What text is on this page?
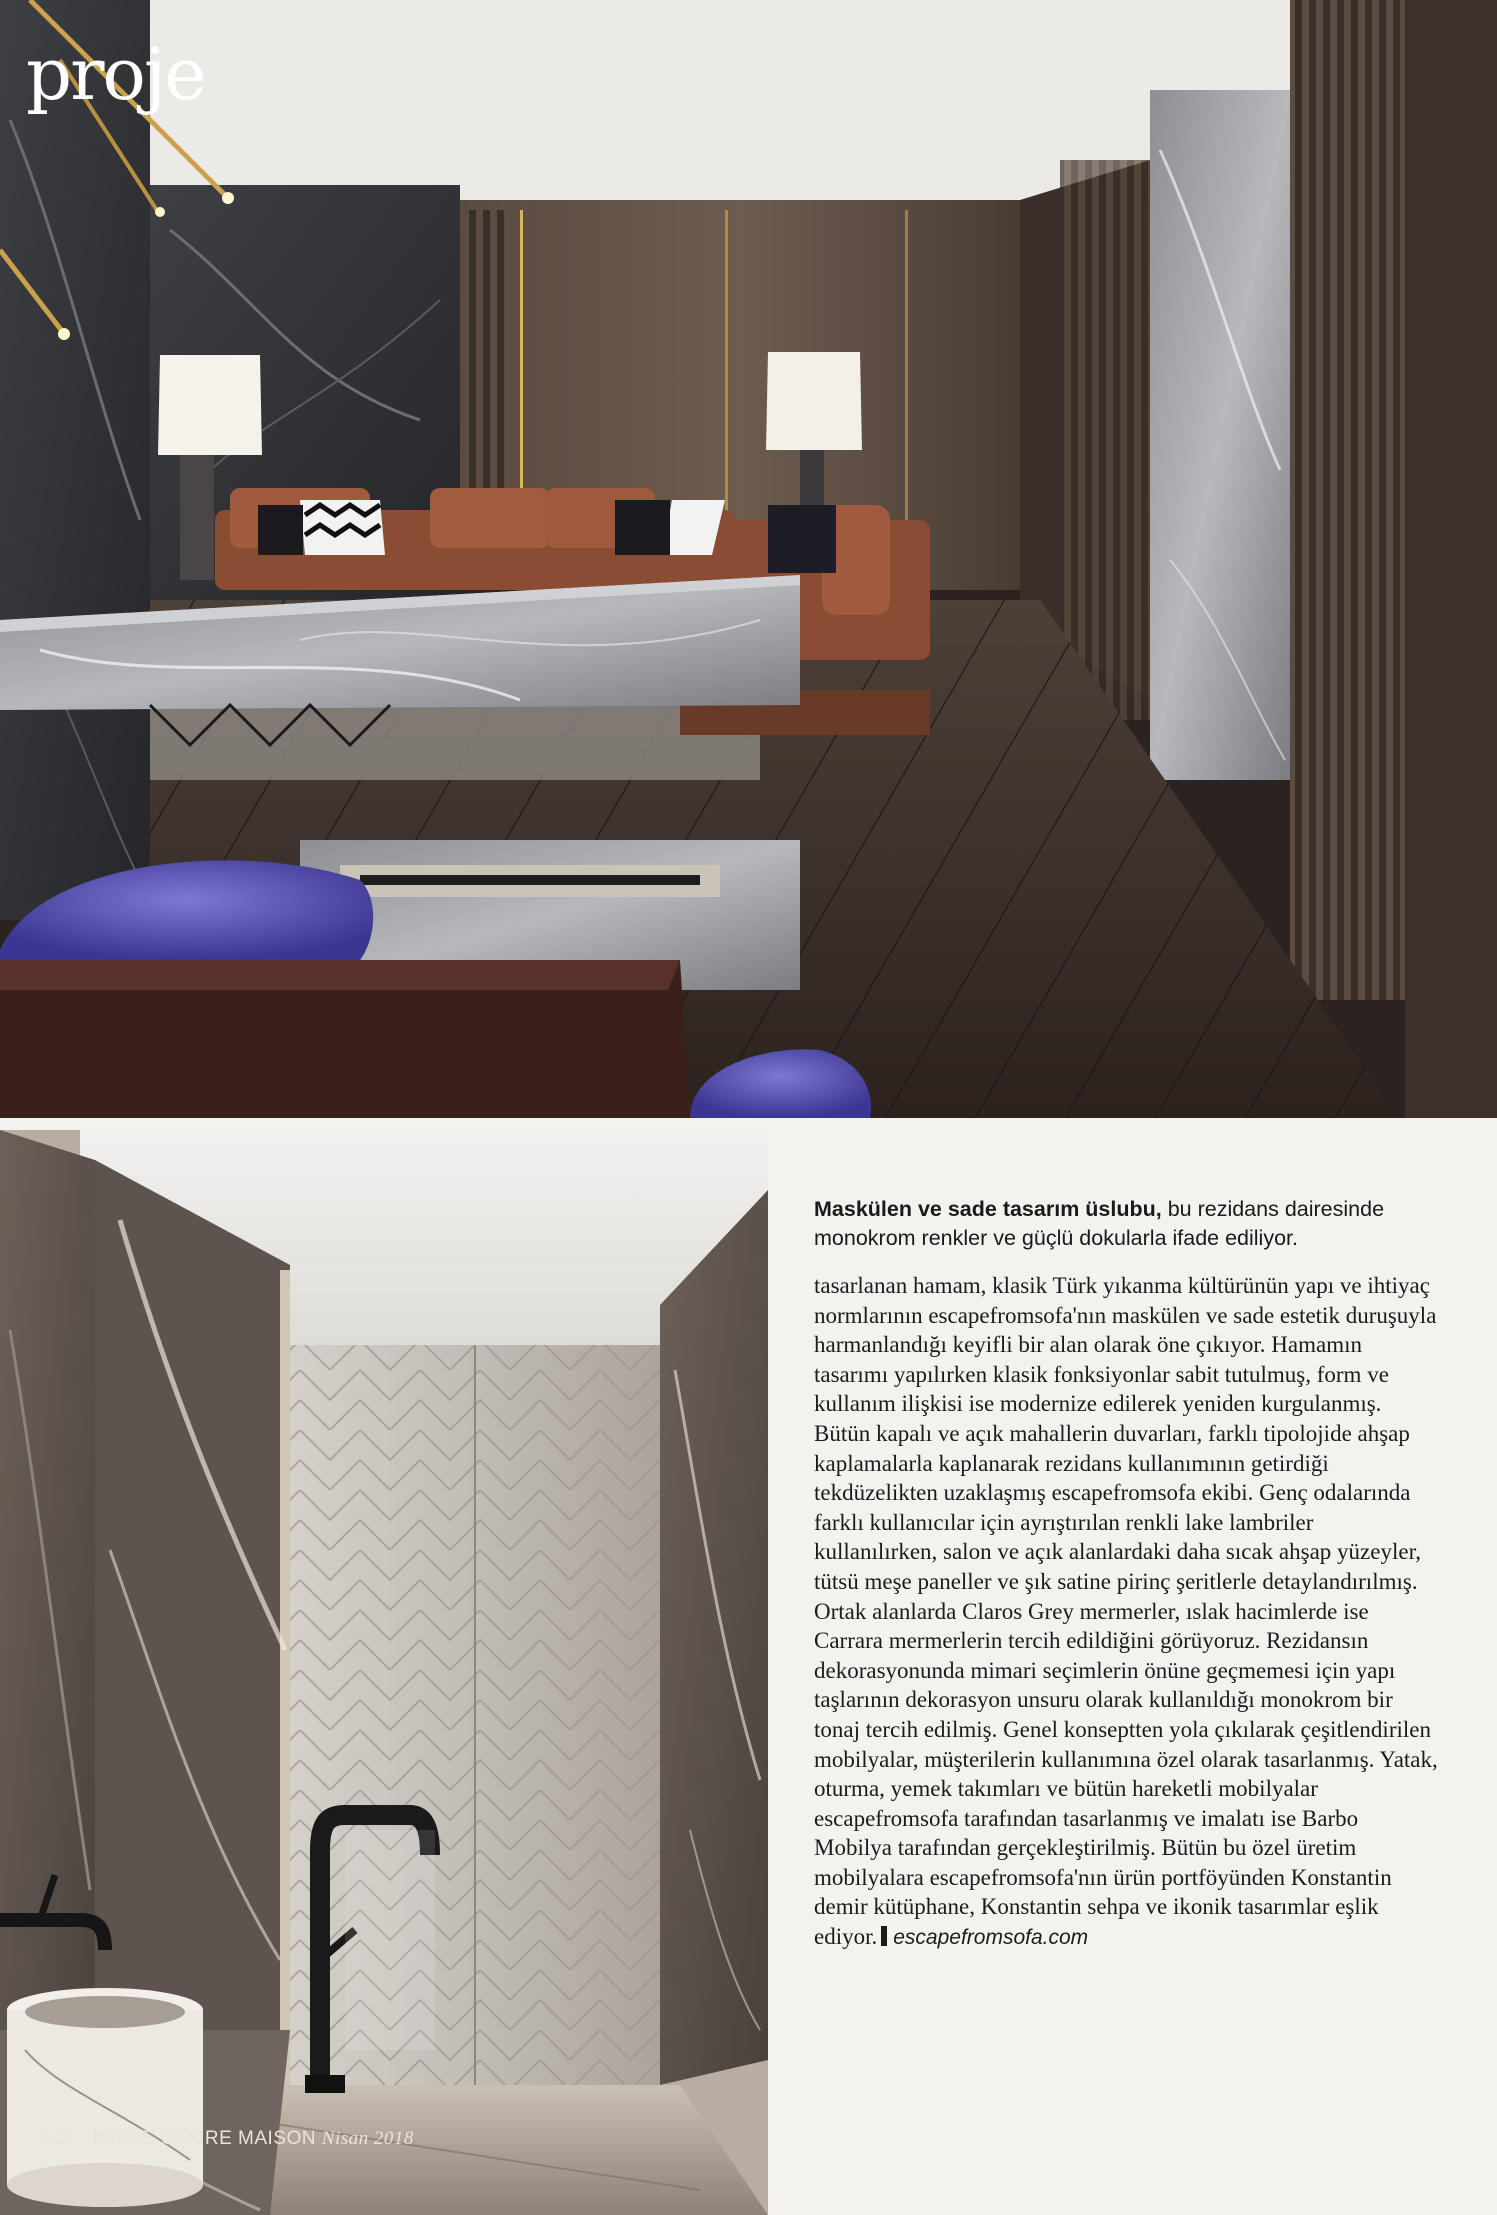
proje

Maskülen ve sade tasarım üslubu, bu rezidans dairesinde monokrom renkler ve güçlü dokularla ifade ediliyor.

tasarlanan hamam, klasik Türk yıkanma kültürünün yapı ve ihtiyaç normlarının escapefromsofa'nın maskülen ve sade estetik duruşuyla harmanlandığı keyifli bir alan olarak öne çıkıyor. Hamamın tasarımı yapılırken klasik fonksiyonlar sabit tutulmuş, form ve kullanım ilişkisi ise modernize edilerek yeniden kurgulanmış. Bütün kapalı ve açık mahallerin duvarları, farklı tipolojide ahşap kaplamalarla kaplanarak rezidans kullanımının getirdiği tekdüzelikten uzaklaşmış escapefromsofa ekibi. Genç odalarında farklı kullanıcılar için ayrıştırılan renkli lake lambriler kullanılırken, salon ve açık alanlardaki daha sıcak ahşap yüzeyler, tütsü meşe paneller ve şık satine pirinç şeritlerle detaylandırılmış. Ortak alanlarda Claros Grey mermerler, ıslak hacimlerde ise Carrara mermerlerin tercih edildiğini görüyoruz. Rezidansın dekorasyonunda mimari seçimlerin önüne geçmemesi için yapı taşlarının dekorasyon unsuru olarak kullanıldığı monokrom bir tonaj tercih edilmiş. Genel konseptten yola çıkılarak çeşitlendirilen mobilyalar, müşterilerin kullanımına özel olarak tasarlanmış. Yatak, oturma, yemek takımları ve bütün hareketli mobilyalar escapefromsofa tarafından tasarlanmış ve imalatı ise Barbo Mobilya tarafından gerçekleştirilmiş. Bütün bu özel üretim mobilyalara escapefromsofa'nın ürün portföyünden Konstantin demir kütüphane, Konstantin sehpa ve ikonik tasarımlar eşlik ediyor. escapefromsofa.com

114 · MARIE CLAIRE MAISON Nisan 2018
